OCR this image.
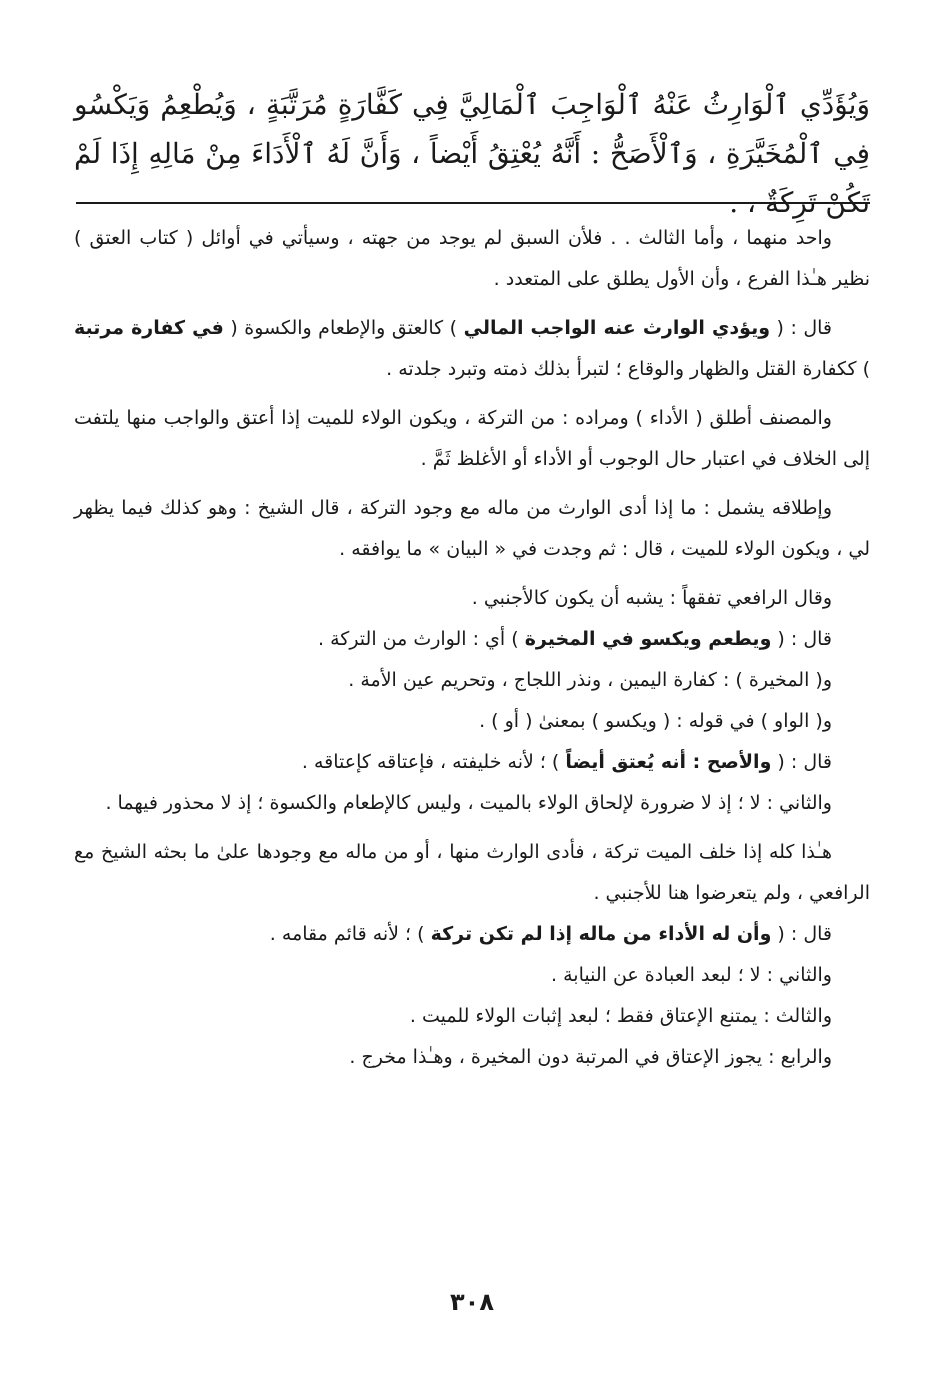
وَيُؤَدِّي ٱلْوَارِثُ عَنْهُ ٱلْوَاجِبَ ٱلْمَالِيَّ فِي كَفَّارَةٍ مُرَتَّبَةٍ ، وَيُطْعِمُ وَيَكْسُو فِي ٱلْمُخَيَّرَةِ ، وَٱلْأَصَحُّ : أَنَّهُ يُعْتِقُ أَيْضاً ، وَأَنَّ لَهُ ٱلْأَدَاءَ مِنْ مَالِهِ إِذَا لَمْ تَكُنْ تَرِكَةٌ ، .

واحد منهما ، وأما الثالث . . فلأن السبق لم يوجد من جهته ، وسيأتي في أوائل ( كتاب العتق ) نظير هـٰذا الفرع ، وأن الأول يطلق على المتعدد .

قال : ( ويؤدي الوارث عنه الواجب المالي ) كالعتق والإطعام والكسوة ( في كفارة مرتبة ) ككفارة القتل والظهار والوقاع ؛ لتبرأ بذلك ذمته وتبرد جلدته .

والمصنف أطلق ( الأداء ) ومراده : من التركة ، ويكون الولاء للميت إذا أعتق والواجب منها يلتفت إلى الخلاف في اعتبار حال الوجوب أو الأداء أو الأغلظ ثَمَّ .

وإطلاقه يشمل : ما إذا أدى الوارث من ماله مع وجود التركة ، قال الشيخ : وهو كذلك فيما يظهر لي ، ويكون الولاء للميت ، قال : ثم وجدت في « البيان » ما يوافقه .

وقال الرافعي تفقهاً : يشبه أن يكون كالأجنبي .

قال : ( ويطعم ويكسو في المخيرة ) أي : الوارث من التركة .

و( المخيرة ) : كفارة اليمين ، ونذر اللجاج ، وتحريم عين الأمة .

و( الواو ) في قوله : ( ويكسو ) بمعنىٰ ( أو ) .

قال : ( والأصح : أنه يُعتق أيضاً ) ؛ لأنه خليفته ، فإعتاقه كإعتاقه .

والثاني : لا ؛ إذ لا ضرورة لإلحاق الولاء بالميت ، وليس كالإطعام والكسوة ؛ إذ لا محذور فيهما .

هـٰذا كله إذا خلف الميت تركة ، فأدى الوارث منها ، أو من ماله مع وجودها علىٰ ما بحثه الشيخ مع الرافعي ، ولم يتعرضوا هنا للأجنبي .

قال : ( وأن له الأداء من ماله إذا لم تكن تركة ) ؛ لأنه قائم مقامه .

والثاني : لا ؛ لبعد العبادة عن النيابة .

والثالث : يمتنع الإعتاق فقط ؛ لبعد إثبات الولاء للميت .

والرابع : يجوز الإعتاق في المرتبة دون المخيرة ، وهـٰذا مخرج .

٣٠٨
